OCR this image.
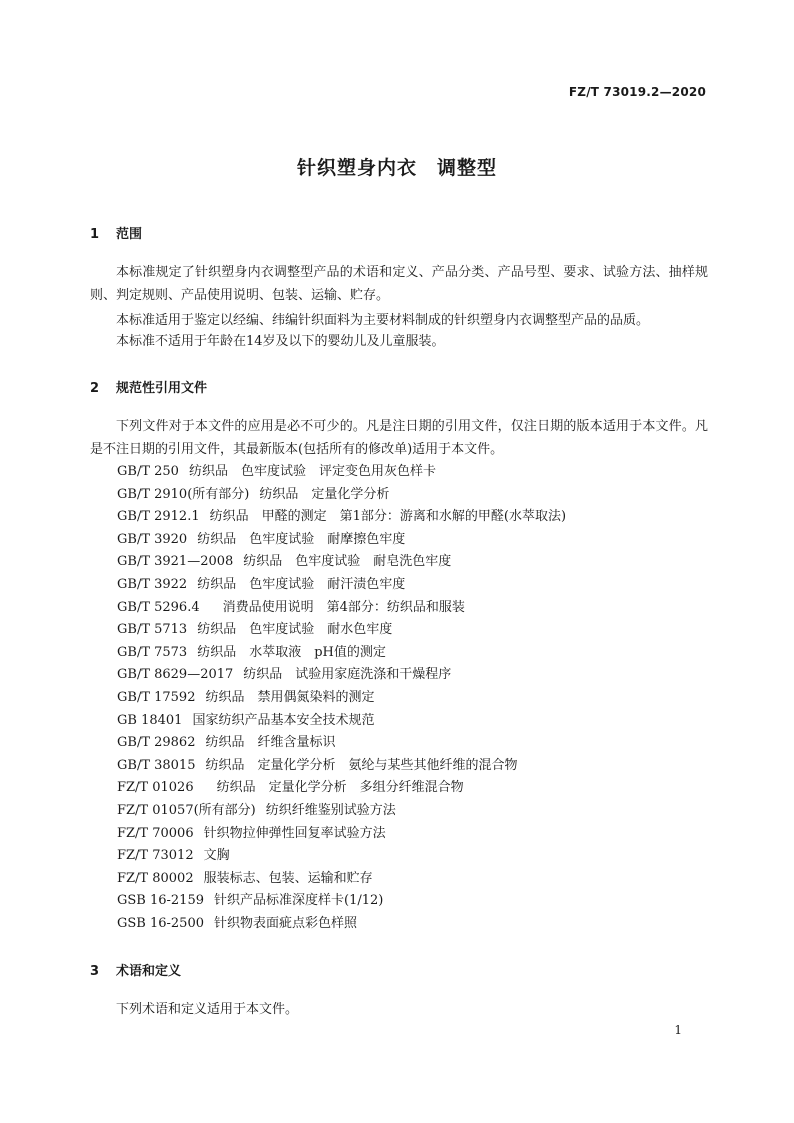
FZ/T 73019.2—2020
针织塑身内衣　调整型
1 范围

本标准规定了针织塑身内衣调整型产品的术语和定义、产品分类、产品号型、要求、试验方法、抽样规则、判定规则、产品使用说明、包装、运输、贮存。

本标准适用于鉴定以经编、纬编针织面料为主要材料制成的针织塑身内衣调整型产品的品质。

本标准不适用于年龄在14岁及以下的婴幼儿及儿童服装。

2 规范性引用文件

下列文件对于本文件的应用是必不可少的。凡是注日期的引用文件，仅注日期的版本适用于本文件。凡是不注日期的引用文件，其最新版本(包括所有的修改单)适用于本文件。

GB/T 250 纺织品　色牢度试验　评定变色用灰色样卡
GB/T 2910(所有部分) 纺织品　定量化学分析
GB/T 2912.1 纺织品　甲醛的测定　第1部分：游离和水解的甲醛(水萃取法)
GB/T 3920 纺织品　色牢度试验　耐摩擦色牢度
GB/T 3921—2008 纺织品　色牢度试验　耐皂洗色牢度
GB/T 3922 纺织品　色牢度试验　耐汗渍色牢度
GB/T 5296.4　消费品使用说明　第4部分：纺织品和服装
GB/T 5713 纺织品　色牢度试验　耐水色牢度
GB/T 7573 纺织品　水萃取液　pH值的测定
GB/T 8629—2017 纺织品　试验用家庭洗涤和干燥程序
GB/T 17592 纺织品　禁用偶氮染料的测定
GB 18401 国家纺织产品基本安全技术规范
GB/T 29862 纺织品　纤维含量标识
GB/T 38015 纺织品　定量化学分析　氨纶与某些其他纤维的混合物
FZ/T 01026　纺织品　定量化学分析　多组分纤维混合物
FZ/T 01057(所有部分) 纺织纤维鉴别试验方法
FZ/T 70006 针织物拉伸弹性回复率试验方法
FZ/T 73012 文胸
FZ/T 80002 服装标志、包装、运输和贮存
GSB 16-2159 针织产品标准深度样卡(1/12)
GSB 16-2500 针织物表面疵点彩色样照
3 术语和定义

下列术语和定义适用于本文件。

1
